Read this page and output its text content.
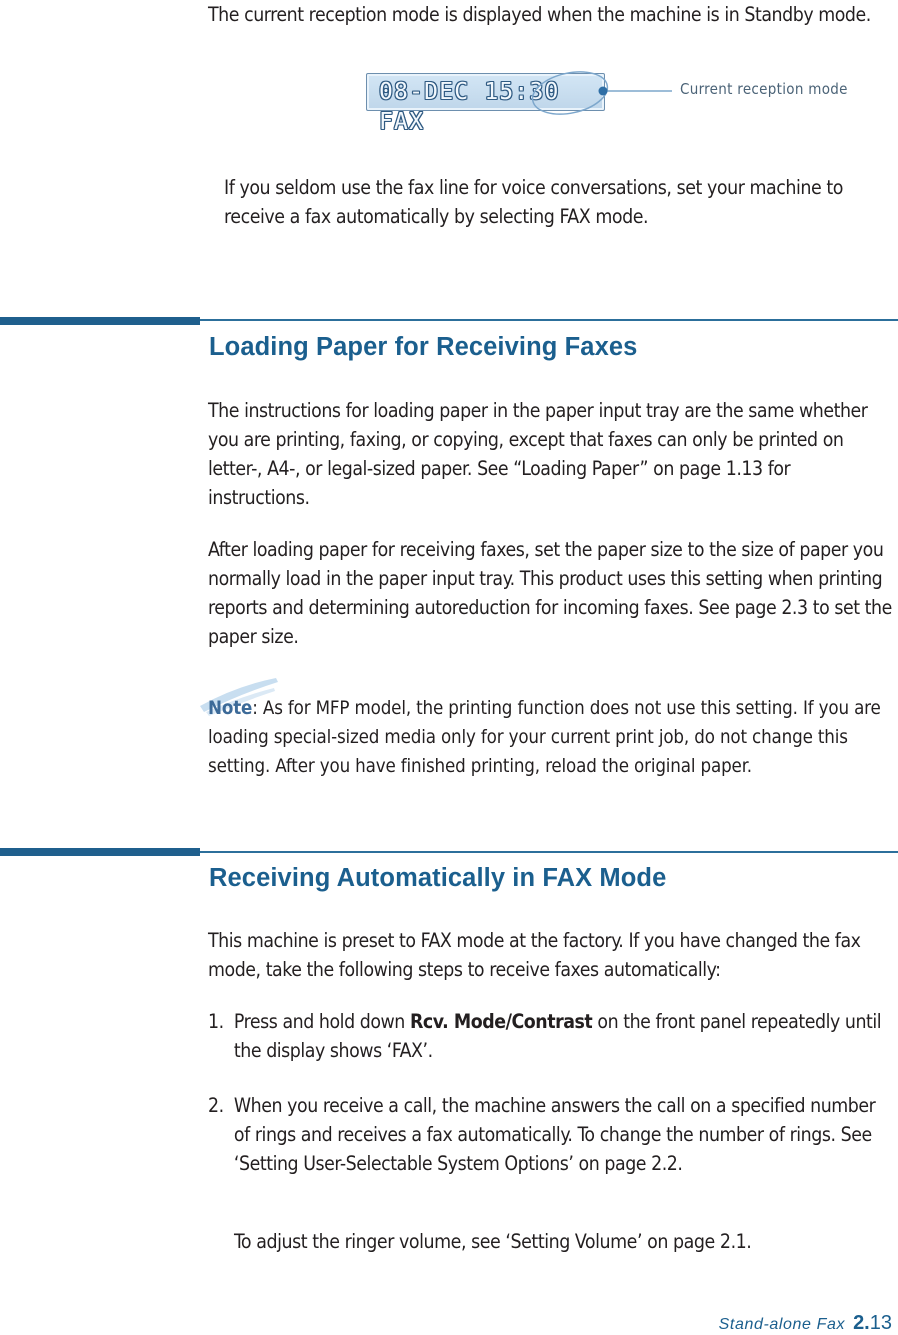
The current reception mode is displayed when the machine is in Standby mode.

08-DEC 15:30 FAX

Current reception mode

If you seldom use the fax line for voice conversations, set your machine to receive a fax automatically by selecting FAX mode.

Loading Paper for Receiving Faxes

The instructions for loading paper in the paper input tray are the same whether you are printing, faxing, or copying, except that faxes can only be printed on letter-, A4-, or legal-sized paper. See “Loading Paper” on page 1.13 for instructions.

After loading paper for receiving faxes, set the paper size to the size of paper you normally load in the paper input tray. This product uses this setting when printing reports and determining autoreduction for incoming faxes. See page 2.3 to set the paper size.

Note: As for MFP model, the printing function does not use this setting. If you are loading special-sized media only for your current print job, do not change this setting. After you have finished printing, reload the original paper.

Receiving Automatically in FAX Mode

This machine is preset to FAX mode at the factory. If you have changed the fax mode, take the following steps to receive faxes automatically:

1. Press and hold down Rcv. Mode/Contrast on the front panel repeatedly until the display shows ‘FAX’.

2. When you receive a call, the machine answers the call on a specified number of rings and receives a fax automatically. To change the number of rings. See ‘Setting User-Selectable System Options’ on page 2.2.

To adjust the ringer volume, see ‘Setting Volume’ on page 2.1.

Stand-alone Fax 2.13
